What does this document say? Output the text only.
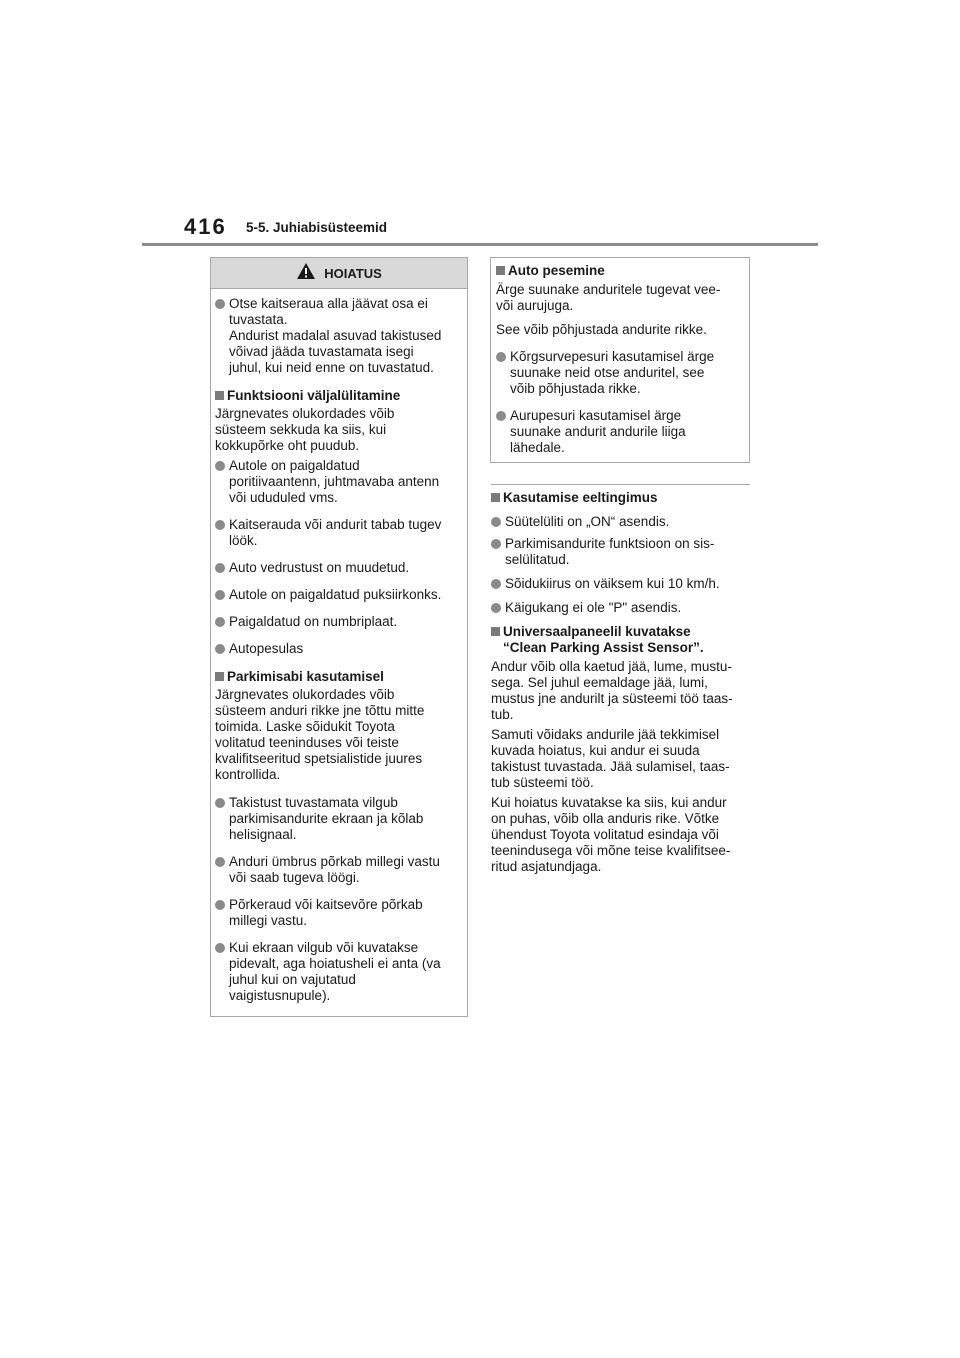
416 5-5. Juhiabisüsteemid
HOIATUS
Otse kaitseraua alla jäävat osa ei
tuvastata.
Andurist madalal asuvad takistused
võivad jääda tuvastamata isegi
juhul, kui neid enne on tuvastatud.
Funktsiooni väljalülitamine

Järgnevates olukordades võib
süsteem sekkuda ka siis, kui
kokkupõrke oht puudub.

Autole on paigaldatud
poritiivaantenn, juhtmavaba antenn
või ududuled vms.
Kaitserauda või andurit tabab tugev
löök.
Auto vedrustust on muudetud.
Autole on paigaldatud puksiirkonks.
Paigaldatud on numbriplaat.
Autopesulas
Parkimisabi kasutamisel

Järgnevates olukordades võib
süsteem anduri rikke jne tõttu mitte
toimida. Laske sõidukit Toyota
volitatud teeninduses või teiste
kvalifitseeritud spetsialistide juures
kontrollida.

Takistust tuvastamata vilgub
parkimisandurite ekraan ja kõlab
helisignaal.
Anduri ümbrus põrkab millegi vastu
või saab tugeva löögi.
Põrkeraud või kaitsevõre põrkab
millegi vastu.
Kui ekraan vilgub või kuvatakse
pidevalt, aga hoiatusheli ei anta (va
juhul kui on vajutatud
vaigistusnupule).
Auto pesemine

Ärge suunake anduritele tugevat vee-
või aurujuga.

See võib põhjustada andurite rikke.

Kõrgsurvepesuri kasutamisel ärge
suunake neid otse anduritel, see
võib põhjustada rikke.
Aurupesuri kasutamisel ärge
suunake andurit andurile liiga
lähedale.
Kasutamise eeltingimus
Süütelüliti on „ON“ asendis.
Parkimisandurite funktsioon on sis-
selülitatud.
Sõidukiirus on väiksem kui 10 km/h.
Käigukang ei ole "P" asendis.
Universaalpaneelil kuvatakse
“Clean Parking Assist Sensor”.

Andur võib olla kaetud jää, lume, mustu-
sega. Sel juhul eemaldage jää, lumi,
mustus jne andurilt ja süsteemi töö taas-
tub.

Samuti võidaks andurile jää tekkimisel
kuvada hoiatus, kui andur ei suuda
takistust tuvastada. Jää sulamisel, taas-
tub süsteemi töö.

Kui hoiatus kuvatakse ka siis, kui andur
on puhas, võib olla anduris rike. Võtke
ühendust Toyota volitatud esindaja või
teenindusega või mõne teise kvalifitsee-
ritud asjatundjaga.
